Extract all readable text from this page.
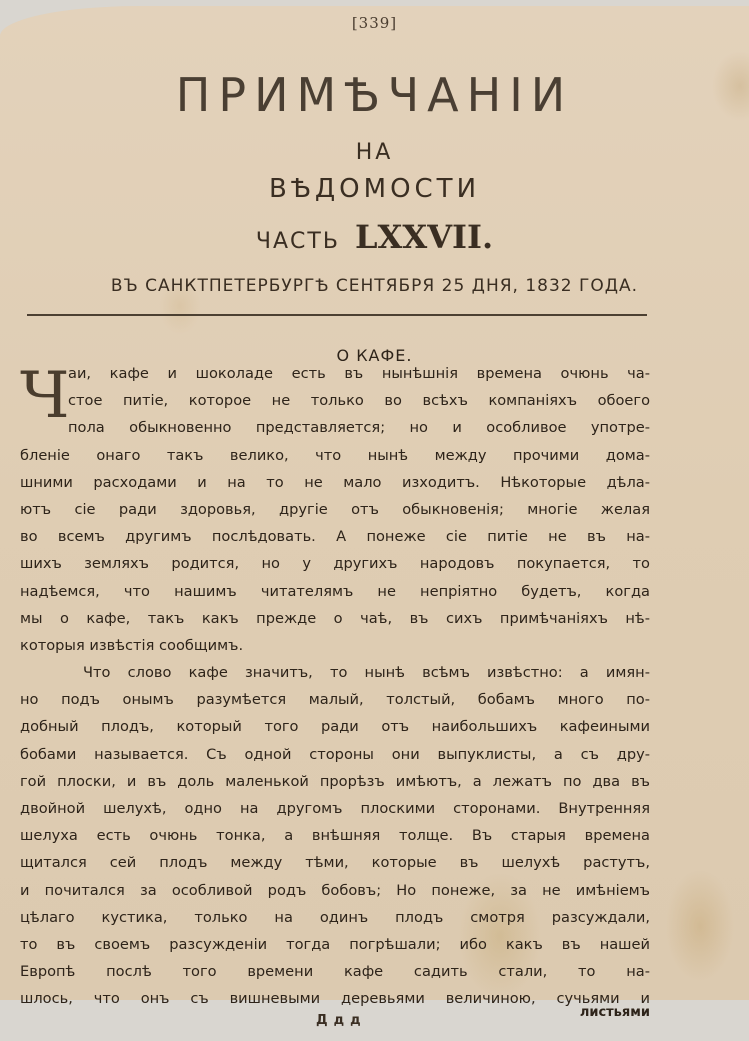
[339]
ПРИМѢЧАНІИ
НА
ВѢДОМОСТИ
ЧАСТЬ LXXVII.
ВЪ САНКТПЕТЕРБУРГѢ СЕНТЯБРЯ 25 ДНЯ, 1832 ГОДА.
О КАФЕ.
Ч
аи, кафе и шоколаде есть въ нынѣшнія времена очюнь ча-
стое питіе, которое не только во всѣхъ компаніяхъ обоего
пола обыкновенно представляется; но и особливое употре-
бленіе онаго такъ велико, что нынѣ между прочими дома-
шними расходами и на то не мало изходитъ. Нѣкоторые дѣла-
ютъ сіе ради здоровья, другіе отъ обыкновенія; многіе желая
во всемъ другимъ послѣдовать. А понеже сіе питіе не въ на-
шихъ земляхъ родится, но у другихъ народовъ покупается, то
надѣемся, что нашимъ читателямъ не непріятно будетъ, когда
мы о кафе, такъ какъ прежде о чаѣ, въ сихъ примѣчаніяхъ нѣ-
которыя извѣстія сообщимъ.
Что слово кафе значитъ, то нынѣ всѣмъ извѣстно: а имян-
но подъ онымъ разумѣется малый, толстый, бобамъ много по-
добный плодъ, который того ради отъ наибольшихъ кафеиными
бобами называется. Съ одной стороны они выпуклисты, а съ дру-
гой плоски, и въ доль маленькой прорѣзъ имѣютъ, а лежатъ по два въ
двойной шелухѣ, одно на другомъ плоскими сторонами. Внутренняя
шелуха есть очюнь тонка, а внѣшняя толще. Въ старыя времена
щитался сей плодъ между тѣми, которые въ шелухѣ растутъ,
и почитался за особливой родъ бобовъ; Но понеже, за не имѣніемъ
цѣлаго кустика, только на одинъ плодъ смотря разсуждали,
то въ своемъ разсужденіи тогда погрѣшали; ибо какъ въ нашей
Европѣ послѣ того времени кафе садить стали, то на-
шлось, что онъ съ вишневыми деревьями величиною, сучьями и
Ддд
листьями
